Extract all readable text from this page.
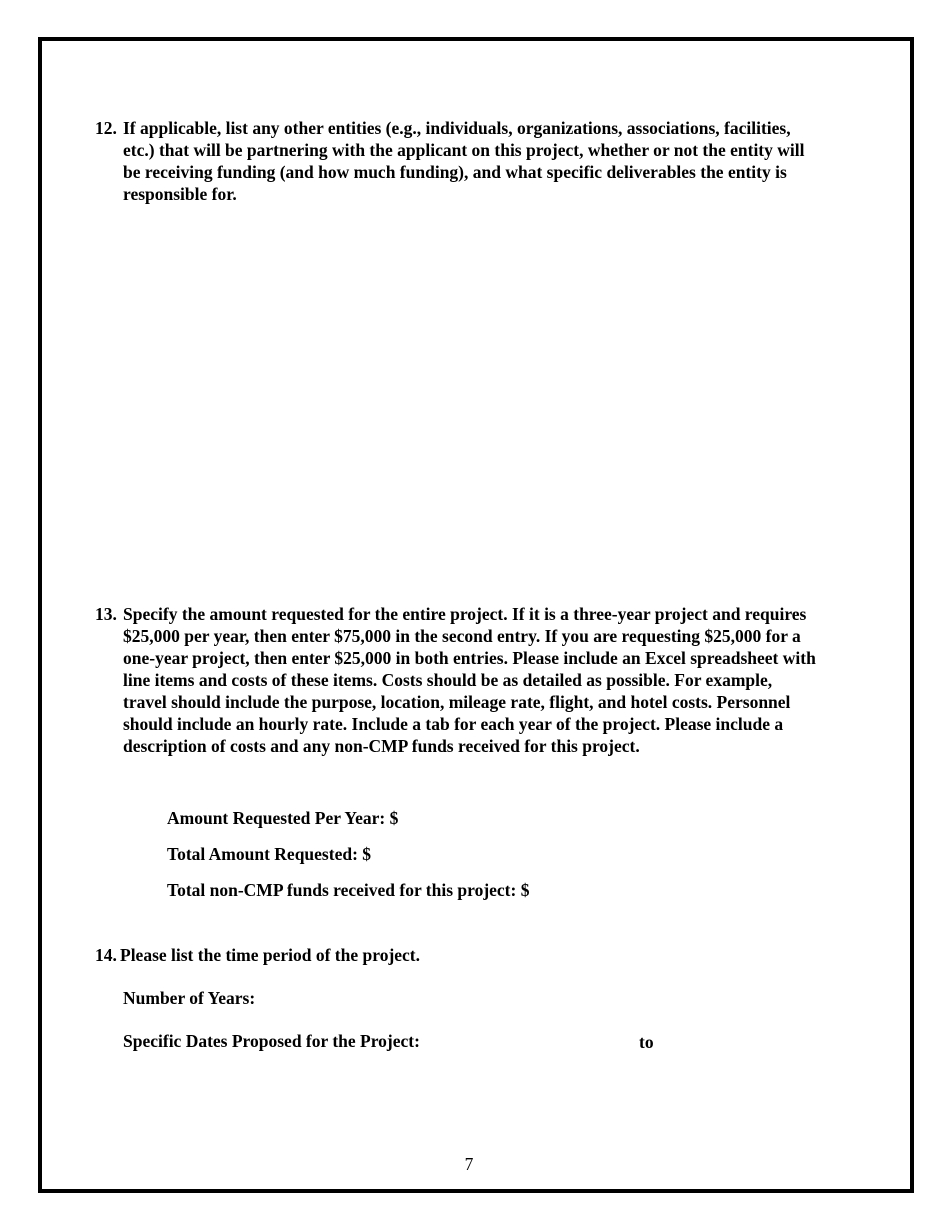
12. If applicable, list any other entities (e.g., individuals, organizations, associations, facilities, etc.) that will be partnering with the applicant on this project, whether or not the entity will be receiving funding (and how much funding), and what specific deliverables the entity is responsible for.
13. Specify the amount requested for the entire project. If it is a three-year project and requires $25,000 per year, then enter $75,000 in the second entry. If you are requesting $25,000 for a one-year project, then enter $25,000 in both entries. Please include an Excel spreadsheet with line items and costs of these items. Costs should be as detailed as possible. For example, travel should include the purpose, location, mileage rate, flight, and hotel costs. Personnel should include an hourly rate. Include a tab for each year of the project. Please include a description of costs and any non-CMP funds received for this project.
Amount Requested Per Year: $
Total Amount Requested: $
Total non-CMP funds received for this project: $
14. Please list the time period of the project.
Number of Years:
Specific Dates Proposed for the Project:	to
7
